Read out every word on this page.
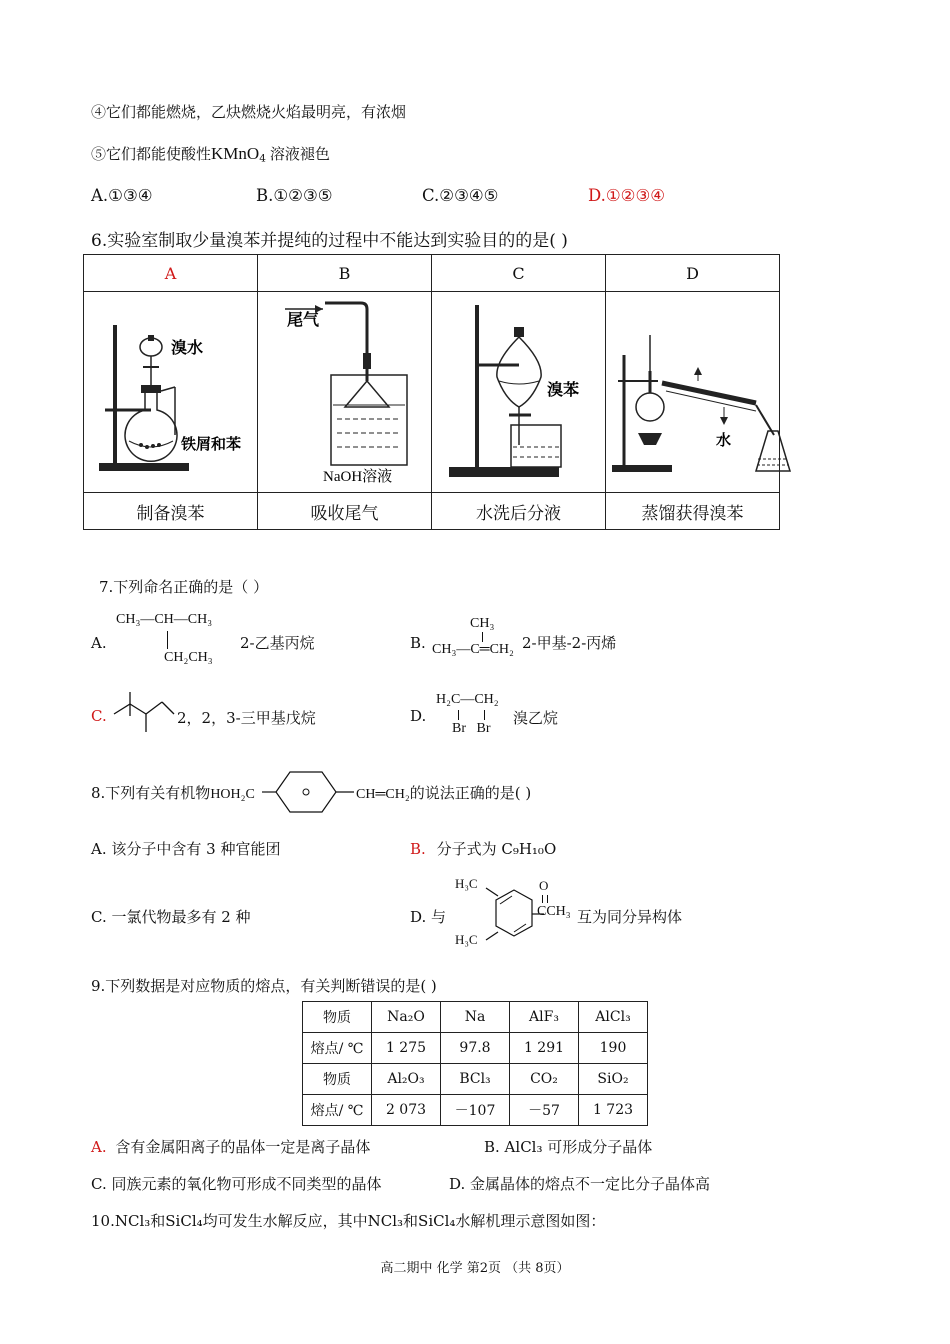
④它们都能燃烧，乙炔燃烧火焰最明亮，有浓烟
⑤它们都能使酸性KMnO$_4$ 溶液褪色
A.①③④	B.①②③⑤	C.②③④⑤	D.①②③④
6.实验室制取少量溴苯并提纯的过程中不能达到实验目的的是( )
A	B	C	D

溴水
铁屑和苯	尾气
NaOH溶液	溴苯	水

制备溴苯	吸收尾气	水洗后分液	蒸馏获得溴苯
7.下列命名正确的是（ ）
A.
CH₃—CH—CH₃
CH₂CH₃
2-乙基丙烷	B.
CH₃
CH₃—C═CH₂ 2-甲基-2-丙烯
C.	2，2，3-三甲基戊烷	D.
H₂C—CH₂
Br   Br
溴乙烷
8.下列有关有机物HOH₂C	CH═CH₂的说法正确的是( )
A. 该分子中含有 3 种官能团	B. 分子式为 C₉H₁₀O
C. 一氯代物最多有 2 种	D. 与
H₃C
H₃C
O
CCH₃ 互为同分异构体
9.下列数据是对应物质的熔点，有关判断错误的是( )
物质	Na₂O	Na	AlF₃	AlCl₃
熔点/ ℃	1 275	97.8	1 291	190
物质	Al₂O₃	BCl₃	CO₂	SiO₂
熔点/ ℃	2 073	－107	－57	1 723
A. 含有金属阳离子的晶体一定是离子晶体	B. AlCl₃ 可形成分子晶体
C. 同族元素的氧化物可形成不同类型的晶体	D. 金属晶体的熔点不一定比分子晶体高
10.NCl₃和SiCl₄均可发生水解反应，其中NCl₃和SiCl₄水解机理示意图如图：
高二期中 化学 第2页 （共 8页）
